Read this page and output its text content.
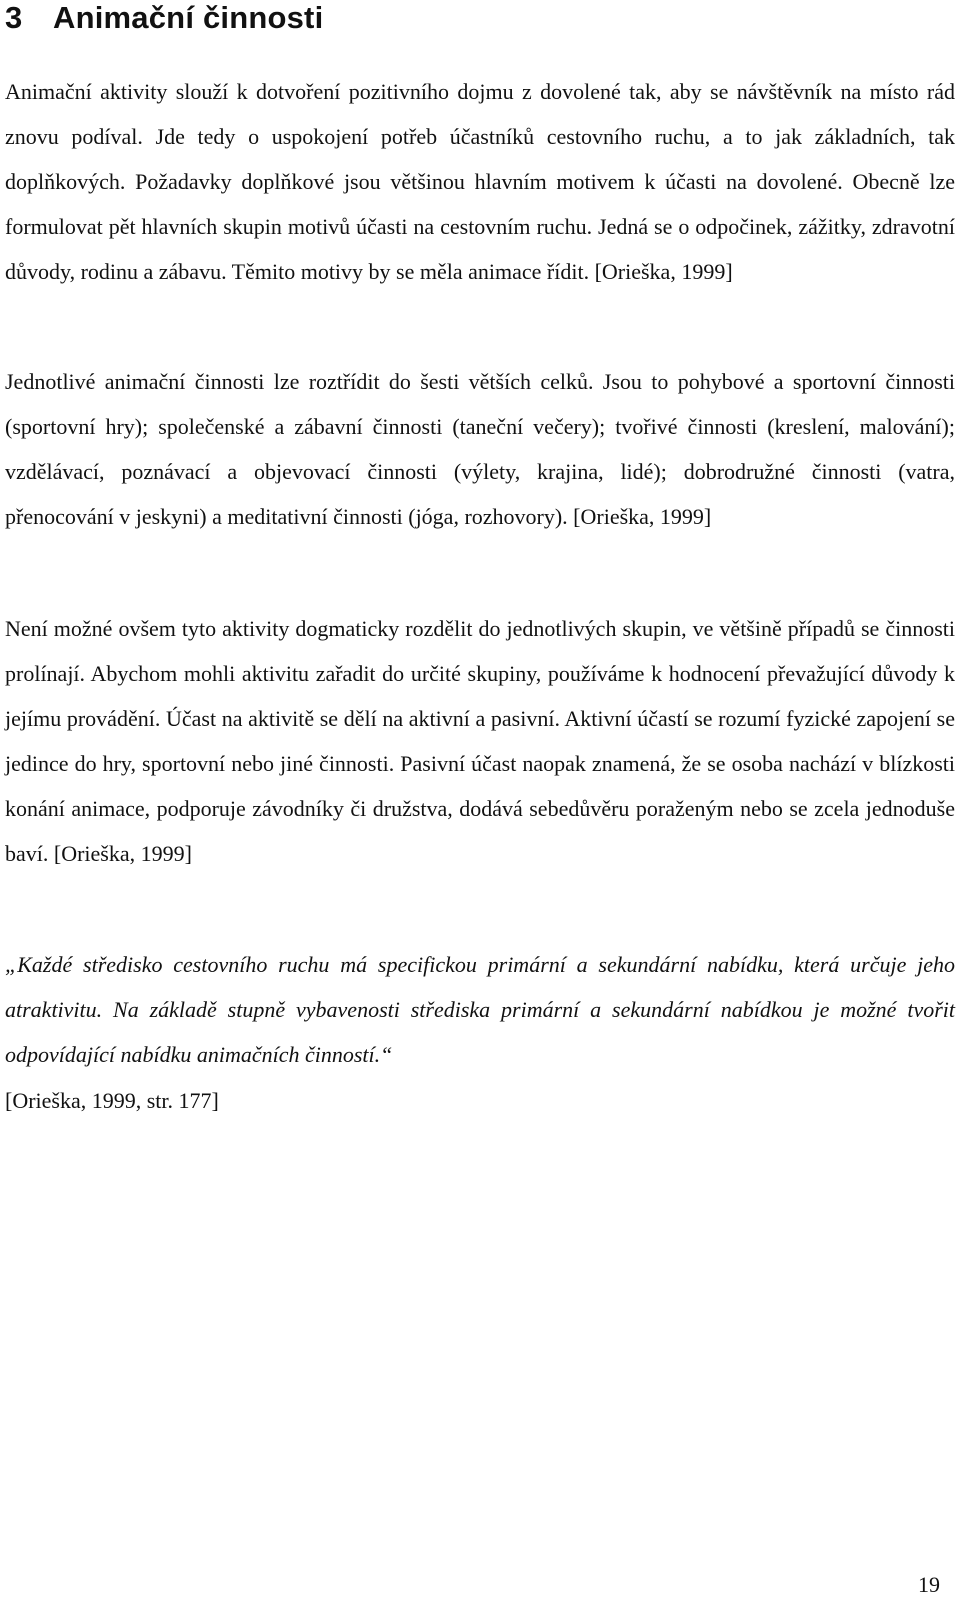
3 Animační činnosti

Animační aktivity slouží k dotvoření pozitivního dojmu z dovolené tak, aby se návštěvník na místo rád znovu podíval. Jde tedy o uspokojení potřeb účastníků cestovního ruchu, a to jak základních, tak doplňkových. Požadavky doplňkové jsou většinou hlavním motivem k účasti na dovolené. Obecně lze formulovat pět hlavních skupin motivů účasti na cestovním ruchu. Jedná se o odpočinek, zážitky, zdravotní důvody, rodinu a zábavu. Těmito motivy by se měla animace řídit. [Orieška, 1999]

Jednotlivé animační činnosti lze roztřídit do šesti větších celků. Jsou to pohybové a sportovní činnosti (sportovní hry); společenské a zábavní činnosti (taneční večery); tvořivé činnosti (kreslení, malování); vzdělávací, poznávací a objevovací činnosti (výlety, krajina, lidé); dobrodružné činnosti (vatra, přenocování v jeskyni) a meditativní činnosti (jóga, rozhovory). [Orieška, 1999]

Není možné ovšem tyto aktivity dogmaticky rozdělit do jednotlivých skupin, ve většině případů se činnosti prolínají. Abychom mohli aktivitu zařadit do určité skupiny, používáme k hodnocení převažující důvody k jejímu provádění. Účast na aktivitě se dělí na aktivní a pasivní. Aktivní účastí se rozumí fyzické zapojení se jedince do hry, sportovní nebo jiné činnosti. Pasivní účast naopak znamená, že se osoba nachází v blízkosti konání animace, podporuje závodníky či družstva, dodává sebedůvěru poraženým nebo se zcela jednoduše baví. [Orieška, 1999]

„Každé středisko cestovního ruchu má specifickou primární a sekundární nabídku, která určuje jeho atraktivitu. Na základě stupně vybavenosti střediska primární a sekundární nabídkou je možné tvořit odpovídající nabídku animačních činností.“

[Orieška, 1999, str. 177]

19
